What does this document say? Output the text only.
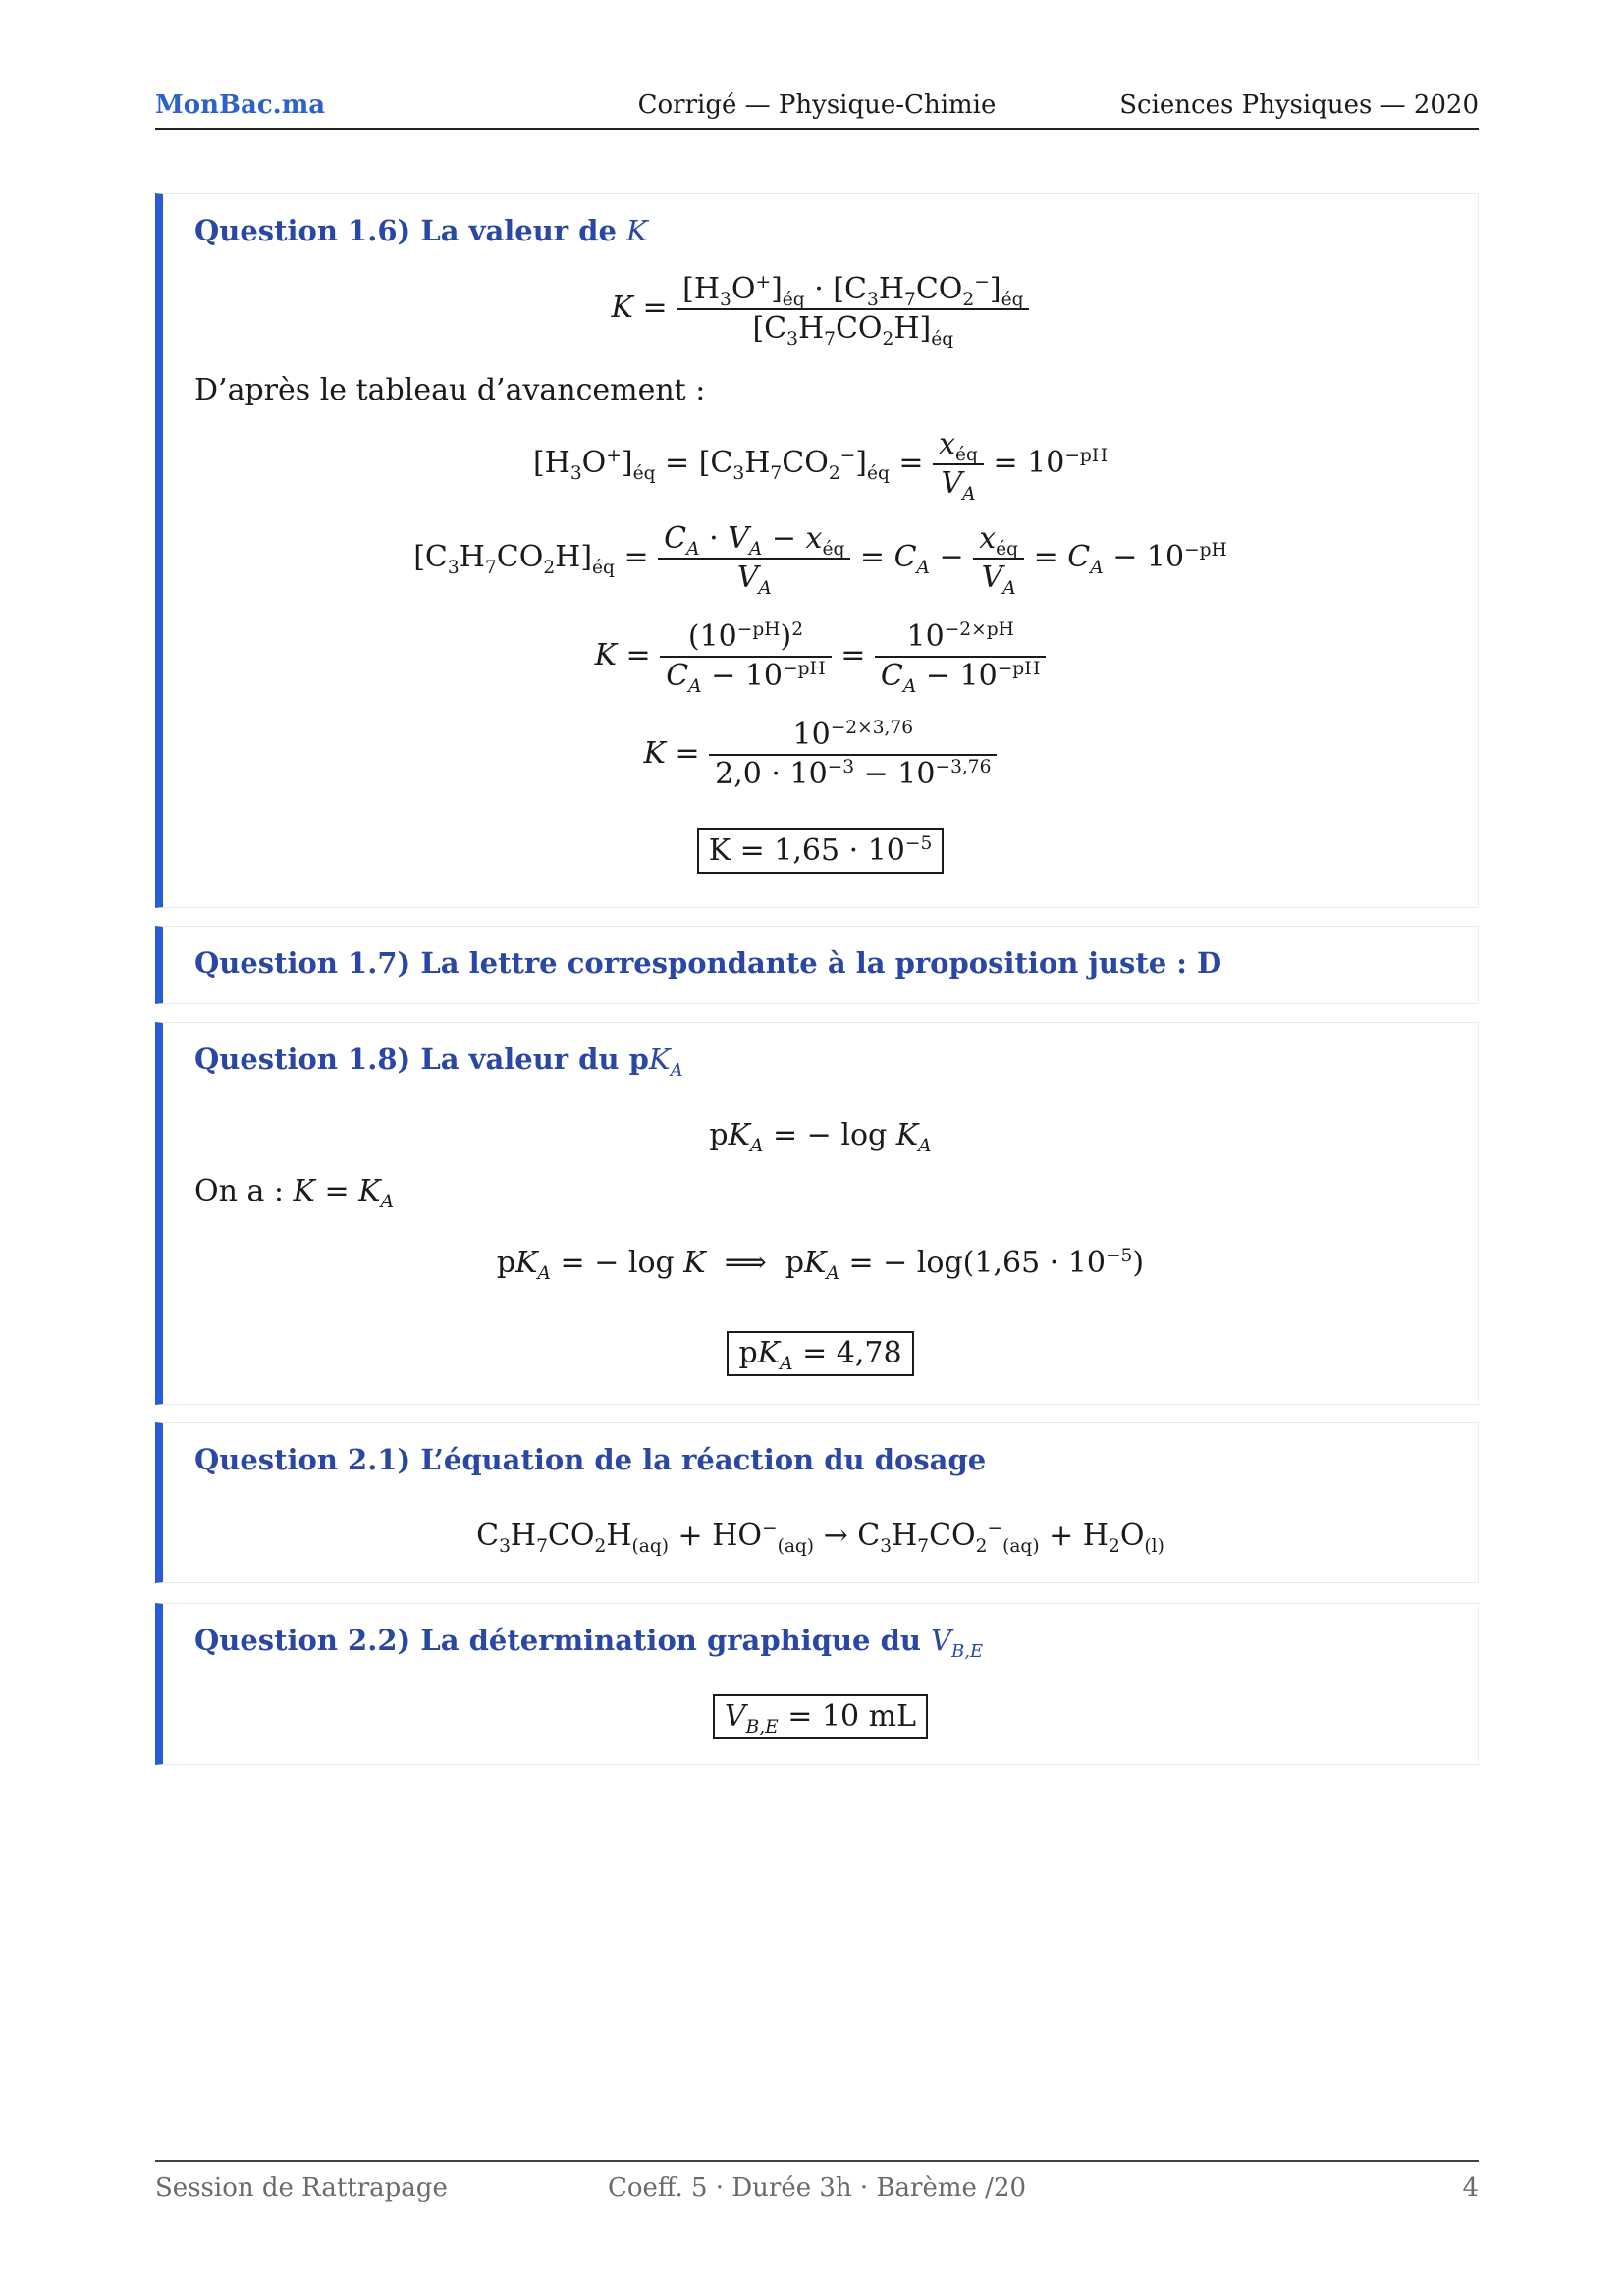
MonBac.ma	Corrigé — Physique-Chimie	Sciences Physiques — 2020
Question 1.6) La valeur de K
$K = \frac{[H_3O^+]_{éq} \cdot [C_3H_7CO_2^-]_{éq}}{[C_3H_7CO_2H]_{éq}}$
D’après le tableau d’avancement :
$[H_3O^+]_{éq} = [C_3H_7CO_2^-]_{éq} = \frac{x_{éq}}{V_A} = 10^{-pH}$
$[C_3H_7CO_2H]_{éq} = \frac{C_A \cdot V_A - x_{éq}}{V_A} = C_A - \frac{x_{éq}}{V_A} = C_A - 10^{-pH}$
$K = \frac{(10^{-pH})^2}{C_A - 10^{-pH}} = \frac{10^{-2\times pH}}{C_A - 10^{-pH}}$
$K = \frac{10^{-2\times 3,76}}{2,0 \cdot 10^{-3} - 10^{-3,76}}$
$K = 1,65 \cdot 10^{-5}$
Question 1.7) La lettre correspondante à la proposition juste : D
Question 1.8) La valeur du $pK_A$
$pK_A$ = − $\log K_A$
On a : $K = K_A$
$pK_A$ = − log K  ⟹  $pK_A$ = − $\log(1,65 \cdot 10^{-5})$
$pK_A = 4,78$
Question 2.1) L’équation de la réaction du dosage
$C_3H_7CO_2H_{(aq)} + HO^-_{(aq)} \to C_3H_7CO_2^-_{(aq)} + H_2O_{(l)}$
Question 2.2) La détermination graphique du $V_{B,E}$
$V_{B,E} = 10$ mL
Session de Rattrapage	Coeff. 5 · Durée 3h · Barème /20	4
